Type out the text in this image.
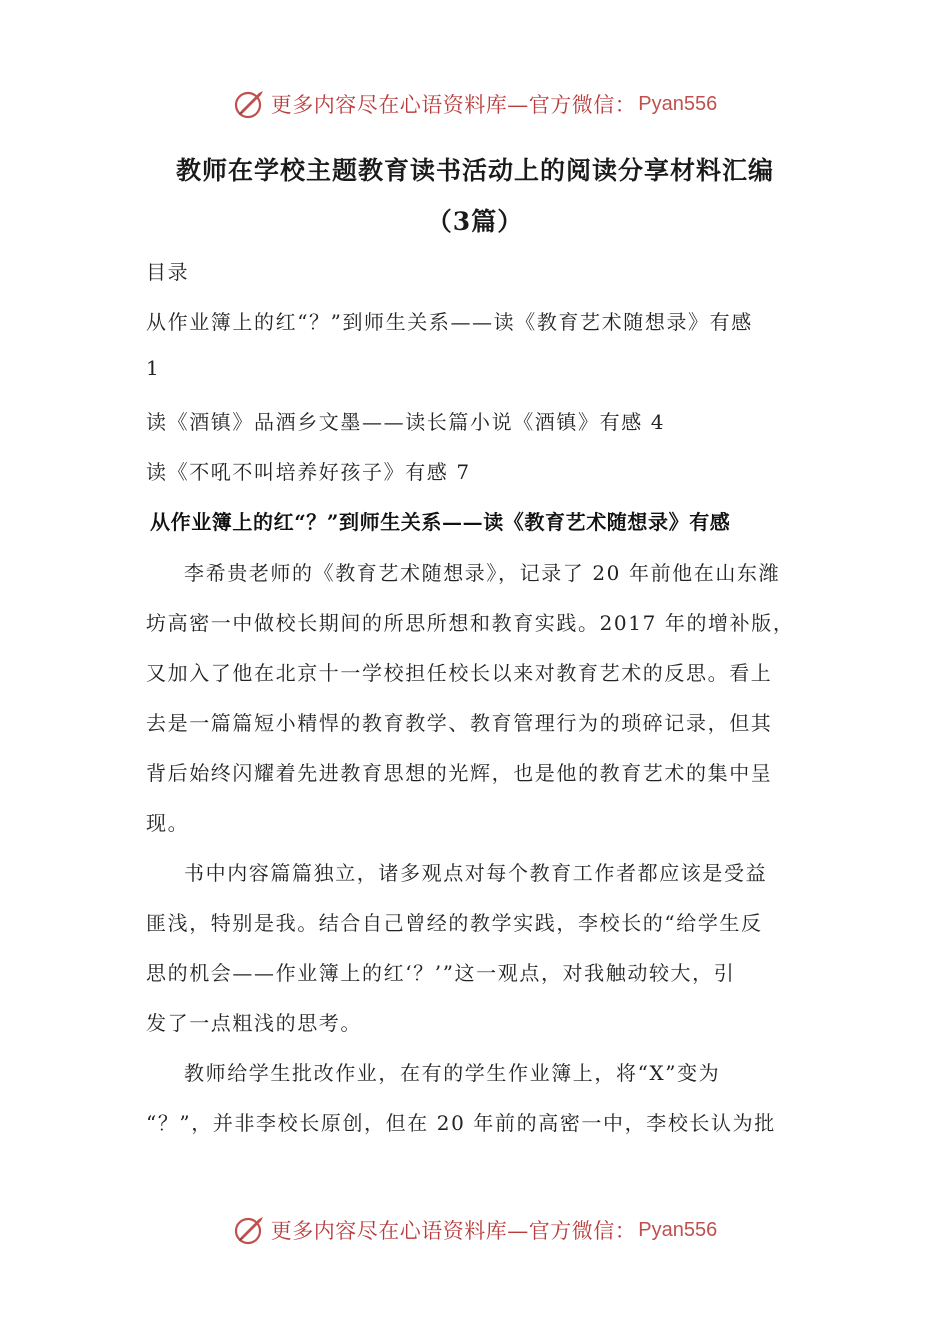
更多内容尽在心语资料库—官方微信： Pyan556
教师在学校主题教育读书活动上的阅读分享材料汇编
（3篇）
目录
从作业簿上的红“？”到师生关系——读《教育艺术随想录》有感
1
读《酒镇》品酒乡文墨——读长篇小说《酒镇》有感 4
读《不吼不叫培养好孩子》有感 7
从作业簿上的红“？”到师生关系——读《教育艺术随想录》有感
李希贵老师的《教育艺术随想录》，记录了 20 年前他在山东潍
坊高密一中做校长期间的所思所想和教育实践。2017 年的增补版，
又加入了他在北京十一学校担任校长以来对教育艺术的反思。看上
去是一篇篇短小精悍的教育教学、教育管理行为的琐碎记录，但其
背后始终闪耀着先进教育思想的光辉，也是他的教育艺术的集中呈
现。
书中内容篇篇独立，诸多观点对每个教育工作者都应该是受益
匪浅，特别是我。结合自己曾经的教学实践，李校长的“给学生反
思的机会——作业簿上的红‘？’”这一观点，对我触动较大，引
发了一点粗浅的思考。
教师给学生批改作业，在有的学生作业簿上，将“X”变为
“？”，并非李校长原创，但在 20 年前的高密一中，李校长认为批
更多内容尽在心语资料库—官方微信： Pyan556
